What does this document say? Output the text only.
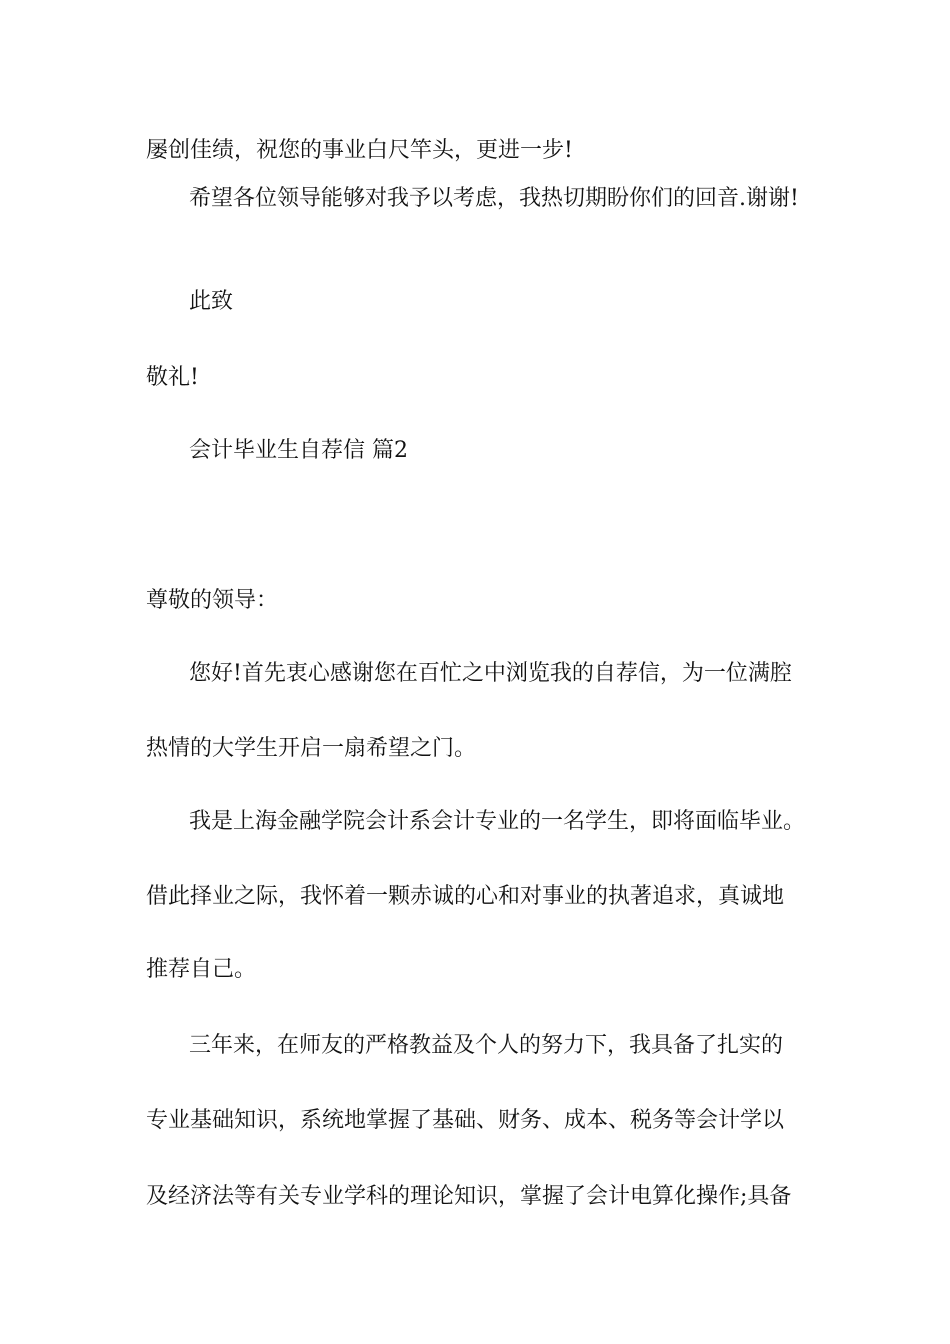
屡创佳绩，祝您的事业白尺竿头，更进一步!
希望各位领导能够对我予以考虑，我热切期盼你们的回音.谢谢!
此致
敬礼!
会计毕业生自荐信 篇2
尊敬的领导：
您好!首先衷心感谢您在百忙之中浏览我的自荐信，为一位满腔
热情的大学生开启一扇希望之门。
我是上海金融学院会计系会计专业的一名学生，即将面临毕业。
借此择业之际，我怀着一颗赤诚的心和对事业的执著追求，真诚地
推荐自己。
三年来，在师友的严格教益及个人的努力下，我具备了扎实的
专业基础知识，系统地掌握了基础、财务、成本、税务等会计学以
及经济法等有关专业学科的理论知识，掌握了会计电算化操作;具备
